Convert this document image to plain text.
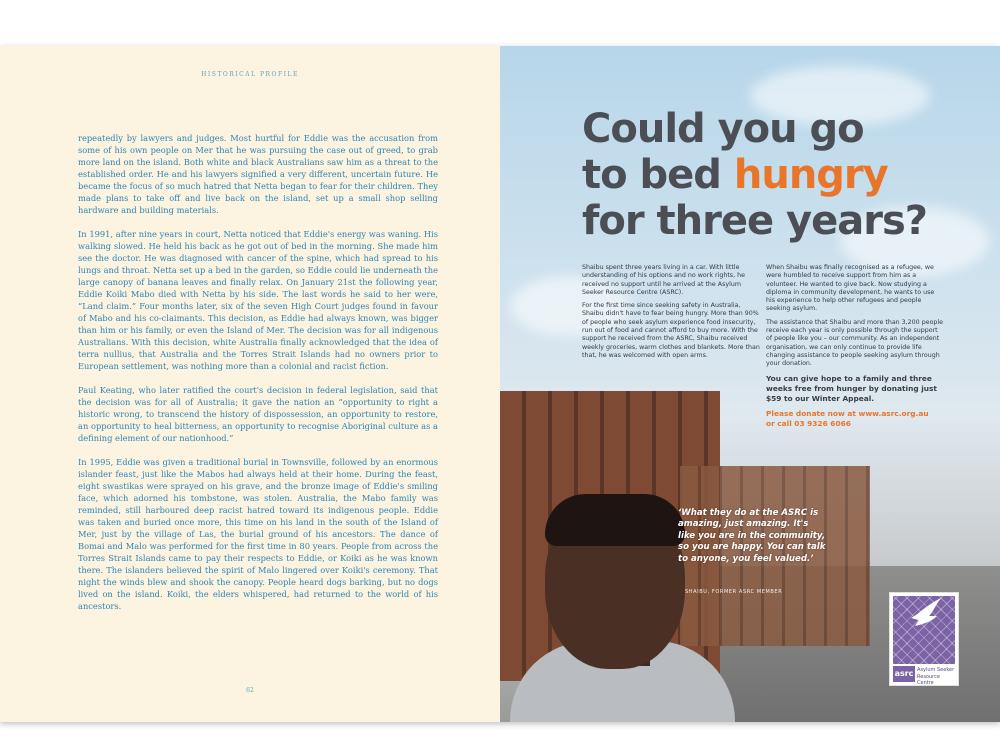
HISTORICAL PROFILE

repeatedly by lawyers and judges. Most hurtful for Eddie was the accusation from some of his own people on Mer that he was pursuing the case out of greed, to grab more land on the island. Both white and black Australians saw him as a threat to the established order. He and his lawyers signified a very different, uncertain future. He became the focus of so much hatred that Netta began to fear for their children. They made plans to take off and live back on the island, set up a small shop selling hardware and building materials.

In 1991, after nine years in court, Netta noticed that Eddie's energy was waning. His walking slowed. He held his back as he got out of bed in the morning. She made him see the doctor. He was diagnosed with cancer of the spine, which had spread to his lungs and throat. Netta set up a bed in the garden, so Eddie could lie underneath the large canopy of banana leaves and finally relax. On January 21st the following year, Eddie Koiki Mabo died with Netta by his side. The last words he said to her were, “Land claim.” Four months later, six of the seven High Court judges found in favour of Mabo and his co-claimants. This decision, as Eddie had always known, was bigger than him or his family, or even the Island of Mer. The decision was for all indigenous Australians. With this decision, white Australia finally acknowledged that the idea of terra nullius, that Australia and the Torres Strait Islands had no owners prior to European settlement, was nothing more than a colonial and racist fiction.

Paul Keating, who later ratified the court's decision in federal legislation, said that the decision was for all of Australia; it gave the nation an “opportunity to right a historic wrong, to transcend the history of dispossession, an opportunity to restore, an opportunity to heal bitterness, an opportunity to recognise Aboriginal culture as a defining element of our nationhood.”

In 1995, Eddie was given a traditional burial in Townsville, followed by an enormous islander feast, just like the Mabos had always held at their home. During the feast, eight swastikas were sprayed on his grave, and the bronze image of Eddie's smiling face, which adorned his tombstone, was stolen. Australia, the Mabo family was reminded, still harboured deep racist hatred toward its indigenous people. Eddie was taken and buried once more, this time on his land in the south of the Island of Mer, just by the village of Las, the burial ground of his ancestors. The dance of Bomai and Malo was performed for the first time in 80 years. People from across the Torres Strait Islands came to pay their respects to Eddie, or Koiki as he was known there. The islanders believed the spirit of Malo lingered over Koiki's ceremony. That night the winds blew and shook the canopy. People heard dogs barking, but no dogs lived on the island. Koiki, the elders whispered, had returned to the world of his ancestors.

62
Could you go
to bed hungry
for three years?

Shaibu spent three years living in a car. With little understanding of his options and no work rights, he received no support until he arrived at the Asylum Seeker Resource Centre (ASRC).

For the first time since seeking safety in Australia, Shaibu didn't have to fear being hungry. More than 90% of people who seek asylum experience food insecurity, run out of food and cannot afford to buy more. With the support he received from the ASRC, Shaibu received weekly groceries, warm clothes and blankets. More than that, he was welcomed with open arms.

When Shaibu was finally recognised as a refugee, we were humbled to receive support from him as a volunteer. He wanted to give back. Now studying a diploma in community development, he wants to use his experience to help other refugees and people seeking asylum.

The assistance that Shaibu and more than 3,200 people receive each year is only possible through the support of people like you – our community. As an independent organisation, we can only continue to provide life changing assistance to people seeking asylum through your donation.

You can give hope to a family and three weeks free from hunger by donating just $59 to our Winter Appeal.

Please donate now at www.asrc.org.au
or call 03 9326 6066

‘What they do at the ASRC is amazing, just amazing. It's like you are in the community, so you are happy. You can talk to anyone, you feel valued.’
SHAIBU, FORMER ASRC MEMBER
asrc Asylum Seeker
Resource Centre
